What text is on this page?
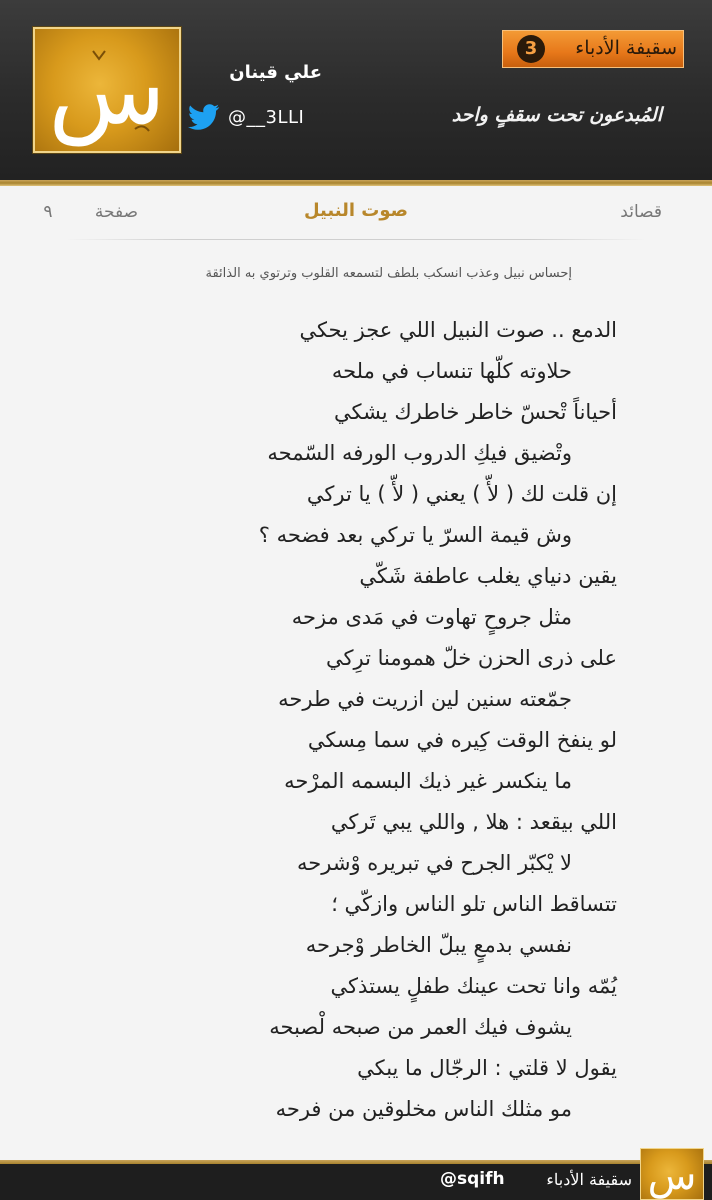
س	علي قينان
@__3LLI
3	سقيفة الأدباء
المُبدعون تحت سقفٍ واحد
قصائد
صوت النبيل
صفحة
٩
إحساس نبيل وعذب انسكب بلطف لتسمعه القلوب وترتوي به الذائقة
الدمع .. صوت النبيل اللي عجز يحكي
حلاوته كلّها تنساب في ملحه
أحياناً تْحسّ خاطر خاطرك يشكي
وتْضيق فيكِ الدروب الورفه السّمحه
إن قلت لك ( لأّ ) يعني ( لأّ ) يا تركي
وش قيمة السرّ يا تركي بعد فضحه ؟
يقين دنياي يغلب عاطفة شَكّي
مثل جروحٍ تهاوت في مَدى مزحه
على ذرى الحزن خلّ همومنا ترِكي
جمّعته سنين لين ازريت في طرحه
لو ينفخ الوقت كِيره في سما مِسكي
ما ينكسر غير ذيك البسمه المرْحه
اللي بيقعد : هلا , واللي يبي تَركي
لا يْكبّر الجرح في تبريره وْشرحه
تتساقط الناس تلو الناس وازكّي ؛
نفسي بدمعٍ يبلّ الخاطر وْجرحه
يُمّه وانا تحت عينك طفلٍ يستذكي
يشوف فيك العمر من صبحه لْصبحه
يقول لا قلتي : الرجّال ما يبكي
مو مثلك الناس مخلوقين من فرحه
سقيفة الأدباء
@sqifh	س
